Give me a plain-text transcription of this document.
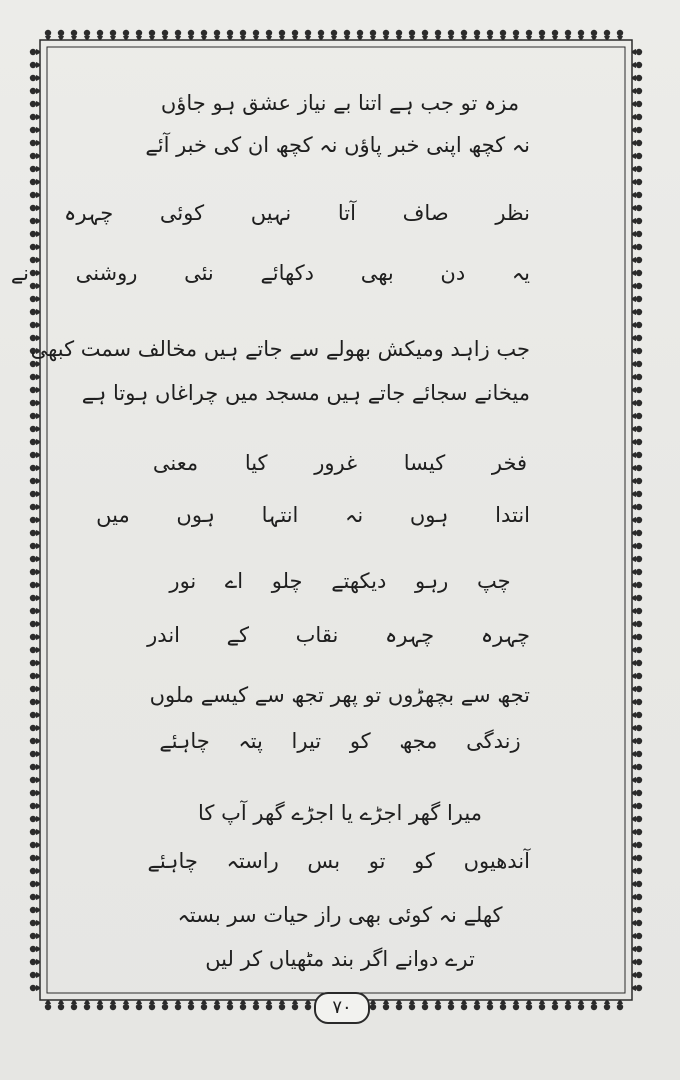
مزہ تو جب ہے اتنا بے نیاز عشق ہو جاؤں
نہ کچھ اپنی خبر پاؤں نہ کچھ ان کی خبر آئے
نظر صاف آتا نہیں کوئی چہرہ
یہ دن بھی دکھائے نئی روشنی نے
جب زاہد ومیکش بھولے سے جاتے ہیں مخالف سمت کبھی
میخانے سجائے جاتے ہیں مسجد میں چراغاں ہوتا ہے
فخر کیسا غرور کیا معنی
انتدا ہوں نہ انتہا ہوں میں
چپ رہو دیکھتے چلو اے نور
چہرہ چہرہ نقاب کے اندر
تجھ سے بچھڑوں تو پھر تجھ سے کیسے ملوں
زندگی مجھ کو تیرا پتہ چاہئے
میرا گھر اجڑے یا اجڑے گھر آپ کا
آندھیوں کو تو بس راستہ چاہئے
کھلے نہ کوئی بھی راز حیات سر بستہ
ترے دوانے اگر بند مٹھیاں کر لیں
۷۰
